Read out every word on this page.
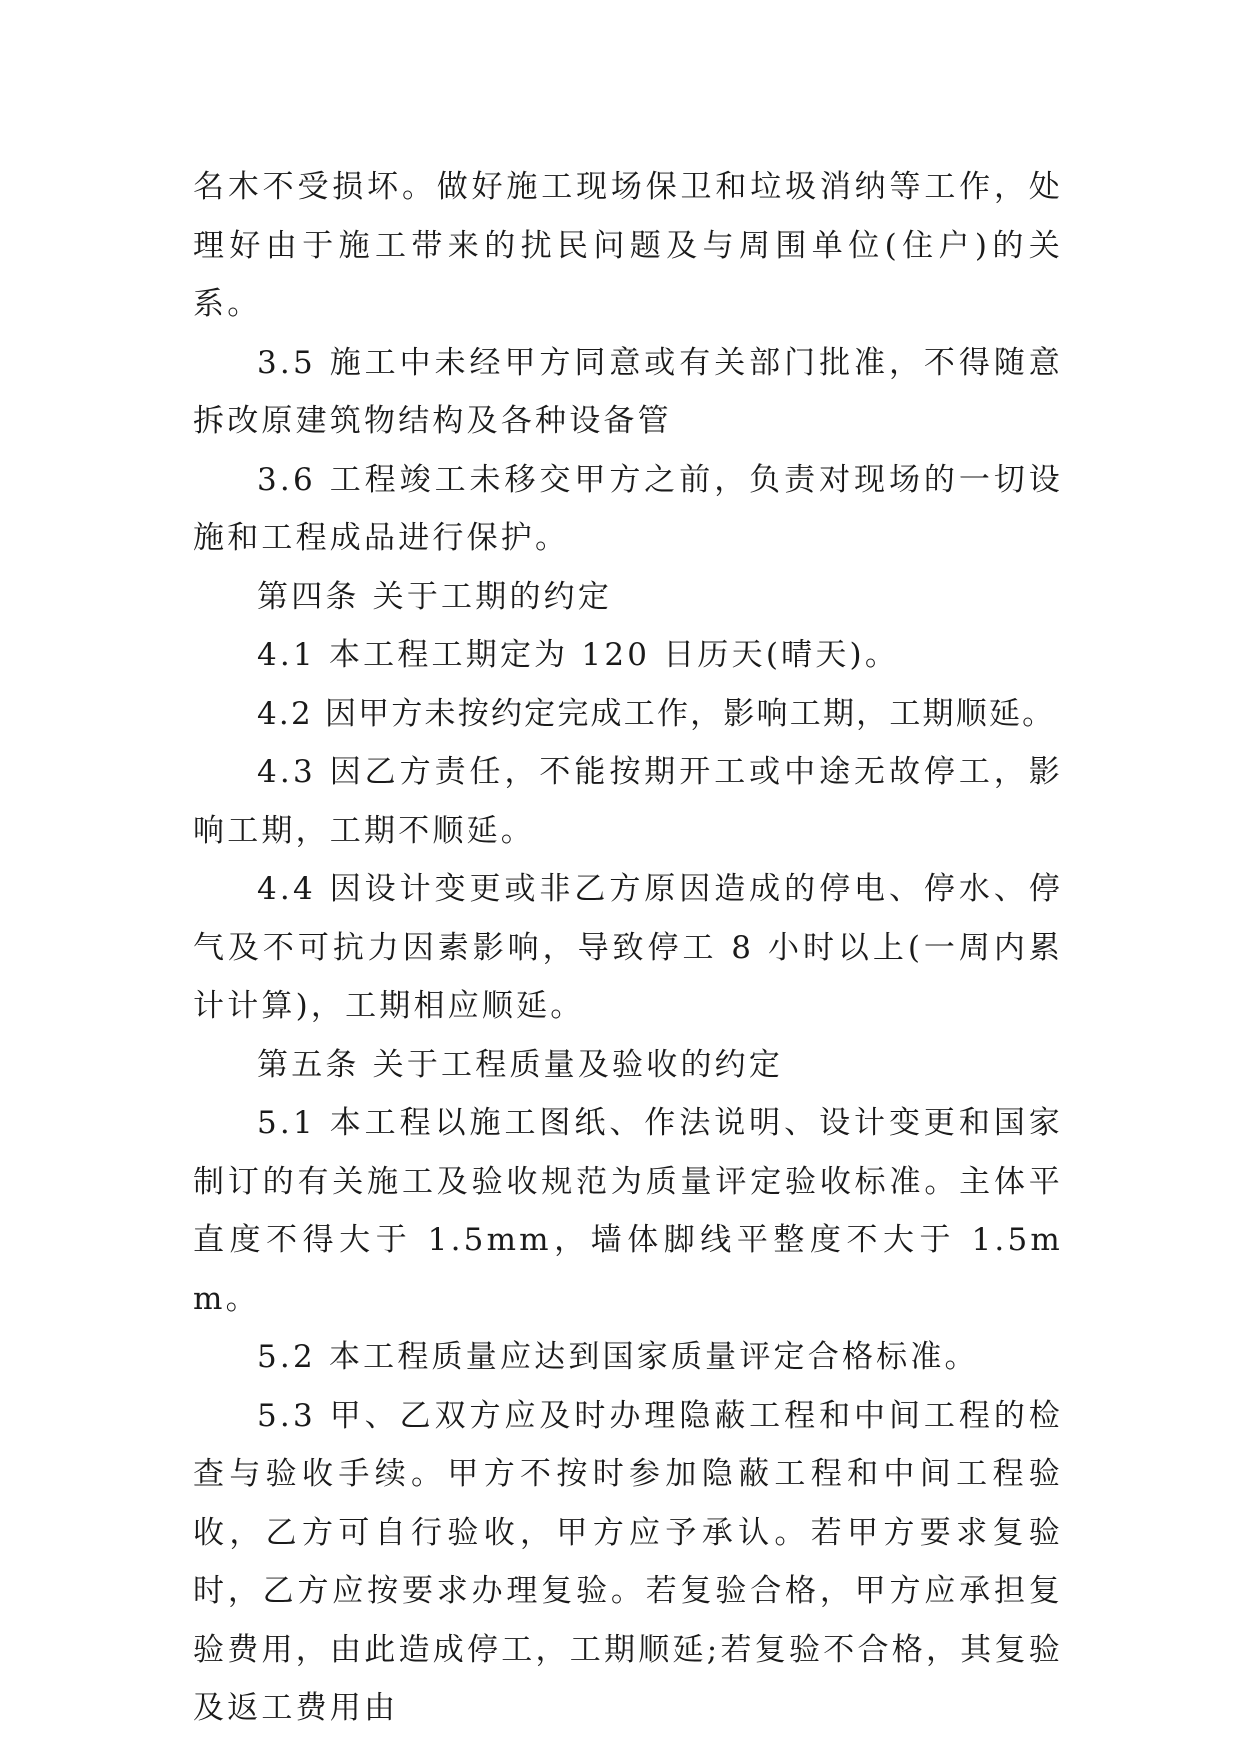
名木不受损坏。做好施工现场保卫和垃圾消纳等工作，处理好由于施工带来的扰民问题及与周围单位(住户)的关系。

3.5 施工中未经甲方同意或有关部门批准，不得随意拆改原建筑物结构及各种设备管

3.6 工程竣工未移交甲方之前，负责对现场的一切设施和工程成品进行保护。

第四条 关于工期的约定

4.1 本工程工期定为 120 日历天(晴天)。

4.2 因甲方未按约定完成工作，影响工期，工期顺延。

4.3 因乙方责任，不能按期开工或中途无故停工，影响工期，工期不顺延。

4.4 因设计变更或非乙方原因造成的停电、停水、停气及不可抗力因素影响，导致停工 8 小时以上(一周内累计计算)，工期相应顺延。

第五条 关于工程质量及验收的约定

5.1 本工程以施工图纸、作法说明、设计变更和国家制订的有关施工及验收规范为质量评定验收标准。主体平直度不得大于 1.5mm，墙体脚线平整度不大于 1.5mm。

5.2 本工程质量应达到国家质量评定合格标准。

5.3 甲、乙双方应及时办理隐蔽工程和中间工程的检查与验收手续。甲方不按时参加隐蔽工程和中间工程验收，乙方可自行验收，甲方应予承认。若甲方要求复验时，乙方应按要求办理复验。若复验合格，甲方应承担复验费用，由此造成停工，工期顺延;若复验不合格，其复验及返工费用由
